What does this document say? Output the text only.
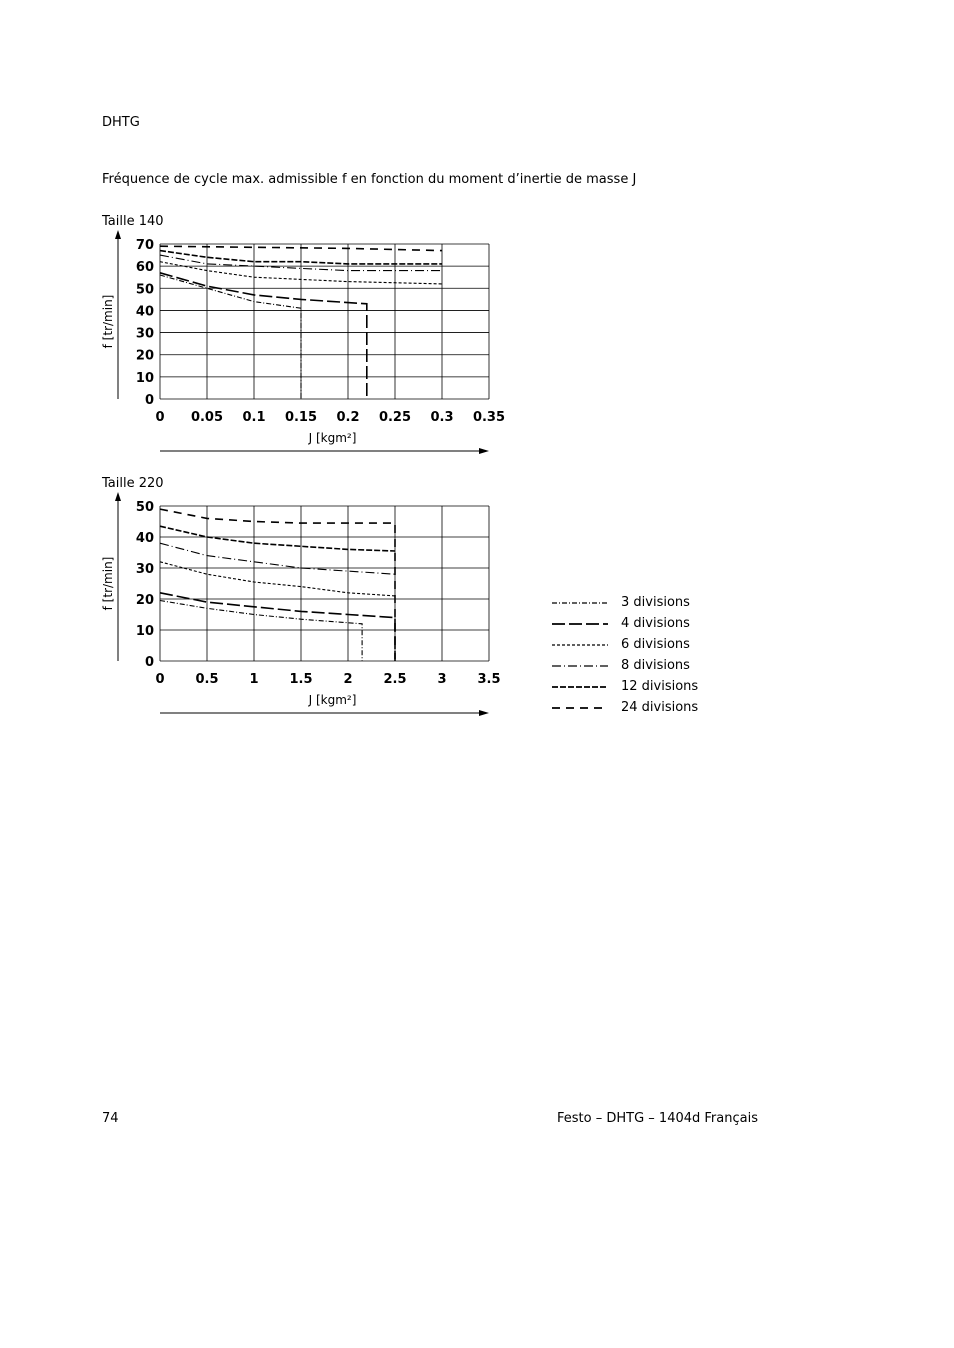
DHTG
Fréquence de cycle max. admissible f en fonction du moment d’inertie de masse J
Taille 140
0 0.05 0.1 0.15 0.2 0.25 0.3 0.35
0
10
20
30
40
50
60
70
f [tr/min]
J [kgm²]
Taille 220
0 0.5 1 1.5 2 2.5 3 3.5
0
10
20
30
40
50
f [tr/min]
J [kgm²]
3 divisions
4 divisions
6 divisions
8 divisions
12 divisions
24 divisions
74	Festo – DHTG – 1404d Français
